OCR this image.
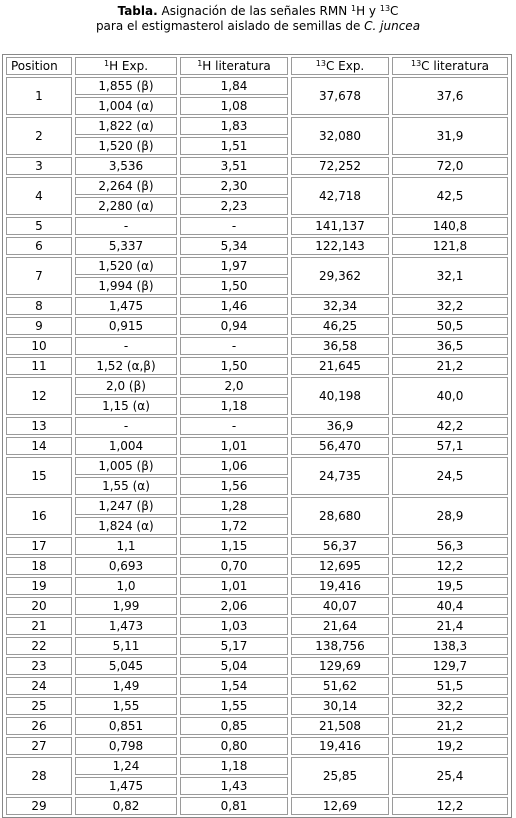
Tabla. Asignación de las señales RMN $^1$H y $^{13}$C
para el estigmasterol aislado de semillas de C. juncea
Position	$^1$H Exp.	$^1$H literatura	$^{13}$C Exp.	$^{13}$C literatura
1	1,855 (β)	1,84	37,678	37,6
	1,004 (α)	1,08		
2	1,822 (α)	1,83	32,080	31,9
	1,520 (β)	1,51		
3	3,536	3,51	72,252	72,0
4	2,264 (β)	2,30	42,718	42,5
	2,280 (α)	2,23		
5	-	-	141,137	140,8
6	5,337	5,34	122,143	121,8
7	1,520 (α)	1,97	29,362	32,1
	1,994 (β)	1,50		
8	1,475	1,46	32,34	32,2
9	0,915	0,94	46,25	50,5
10	-	-	36,58	36,5
11	1,52 (α,β)	1,50	21,645	21,2
12	2,0 (β)	2,0	40,198	40,0
	1,15 (α)	1,18		
13	-	-	36,9	42,2
14	1,004	1,01	56,470	57,1
15	1,005 (β)	1,06	24,735	24,5
	1,55 (α)	1,56		
16	1,247 (β)	1,28	28,680	28,9
	1,824 (α)	1,72		
17	1,1	1,15	56,37	56,3
18	0,693	0,70	12,695	12,2
19	1,0	1,01	19,416	19,5
20	1,99	2,06	40,07	40,4
21	1,473	1,03	21,64	21,4
22	5,11	5,17	138,756	138,3
23	5,045	5,04	129,69	129,7
24	1,49	1,54	51,62	51,5
25	1,55	1,55	30,14	32,2
26	0,851	0,85	21,508	21,2
27	0,798	0,80	19,416	19,2
28	1,24	1,18	25,85	25,4
	1,475	1,43		
29	0,82	0,81	12,69	12,2
